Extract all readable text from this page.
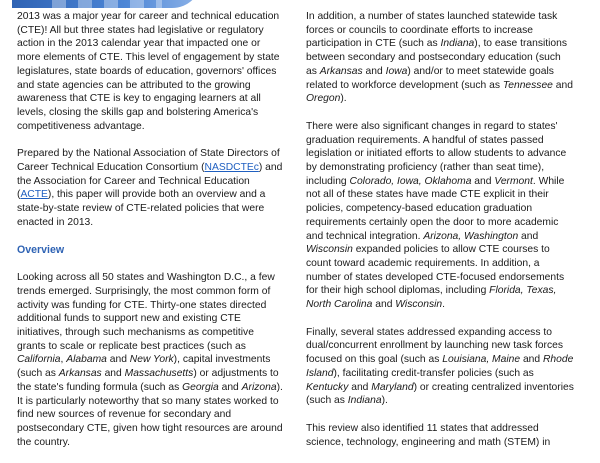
2013 was a major year for career and technical education (CTE)! All but three states had legislative or regulatory action in the 2013 calendar year that impacted one or more elements of CTE. This level of engagement by state legislatures, state boards of education, governors' offices and state agencies can be attributed to the growing awareness that CTE is key to engaging learners at all levels, closing the skills gap and bolstering America's competitiveness advantage.

Prepared by the National Association of State Directors of Career Technical Education Consortium (NASDCTEc) and the Association for Career and Technical Education (ACTE), this paper will provide both an overview and a state-by-state review of CTE-related policies that were enacted in 2013.

Overview

Looking across all 50 states and Washington D.C., a few trends emerged. Surprisingly, the most common form of activity was funding for CTE. Thirty-one states directed additional funds to support new and existing CTE initiatives, through such mechanisms as competitive grants to scale or replicate best practices (such as California, Alabama and New York), capital investments (such as Arkansas and Massachusetts) or adjustments to the state's funding formula (such as Georgia and Arizona). It is particularly noteworthy that so many states worked to find new sources of revenue for secondary and postsecondary CTE, given how tight resources are around the country.

In addition, a number of states launched statewide task forces or councils to coordinate efforts to increase participation in CTE (such as Indiana), to ease transitions between secondary and postsecondary education (such as Arkansas and Iowa) and/or to meet statewide goals related to workforce development (such as Tennessee and Oregon).

There were also significant changes in regard to states' graduation requirements. A handful of states passed legislation or initiated efforts to allow students to advance by demonstrating proficiency (rather than seat time), including Colorado, Iowa, Oklahoma and Vermont. While not all of these states have made CTE explicit in their policies, competency-based education graduation requirements certainly open the door to more academic and technical integration. Arizona, Washington and Wisconsin expanded policies to allow CTE courses to count toward academic requirements. In addition, a number of states developed CTE-focused endorsements for their high school diplomas, including Florida, Texas, North Carolina and Wisconsin.

Finally, several states addressed expanding access to dual/concurrent enrollment by launching new task forces focused on this goal (such as Louisiana, Maine and Rhode Island), facilitating credit-transfer policies (such as Kentucky and Maryland) or creating centralized inventories (such as Indiana).

This review also identified 11 states that addressed science, technology, engineering and math (STEM) in
